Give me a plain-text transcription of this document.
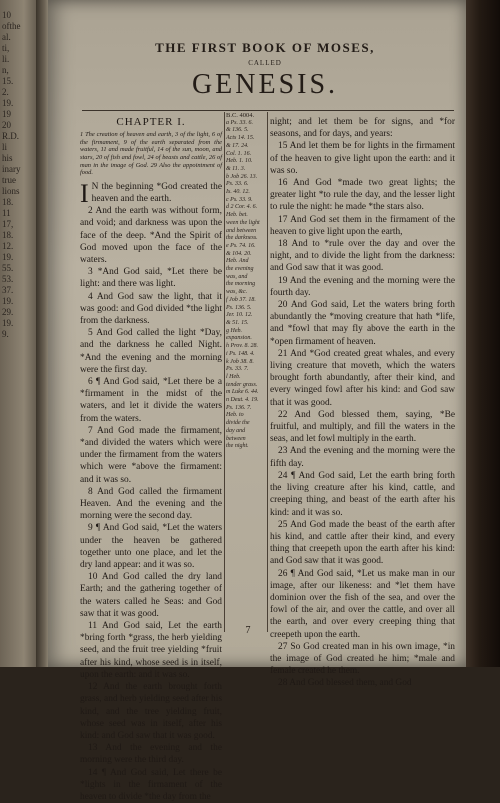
10
ofthe
al.
ti,
li.
n,
15.
2.
19.
19
20
R.D.
li
his
inary
true
lions
18.
11
17,
18.
12.
19.
55.
53.
37.
19.
29.
19.
9.
THE FIRST BOOK OF MOSES,
CALLED
GENESIS.
CHAPTER I.
1 The creation of heaven and earth, 3 of the light, 6 of the firmament, 9 of the earth separated from the waters, 11 and made fruitful, 14 of the sun, moon, and stars, 20 of fish and fowl, 24 of beasts and cattle, 26 of man in the image of God. 29 Also the appointment of food.
I N the beginning *God created the heaven and the earth.

2 And the earth was without form, and void; and darkness was upon the face of the deep. *And the Spirit of God moved upon the face of the waters.

3 *And God said, *Let there be light: and there was light.

4 And God saw the light, that it was good: and God divided *the light from the darkness.

5 And God called the light *Day, and the darkness he called Night. *And the evening and the morning were the first day.

6 ¶ And God said, *Let there be a *firmament in the midst of the waters, and let it divide the waters from the waters.

7 And God made the firmament, *and divided the waters which were under the firmament from the waters which were *above the firmament: and it was so.

8 And God called the firmament Heaven. And the evening and the morning were the second day.

9 ¶ And God said, *Let the waters under the heaven be gathered together unto one place, and let the dry land appear: and it was so.

10 And God called the dry land Earth; and the gathering together of the waters called he Seas: and God saw that it was good.

11 And God said, Let the earth *bring forth *grass, the herb yielding seed, and the fruit tree yielding *fruit after his kind, whose seed is in itself, upon the earth: and it was so.

12 And the earth brought forth grass, and herb yielding seed after his kind, and the tree yielding fruit, whose seed was in itself, after his kind: and God saw that it was good.

13 And the evening and the morning were the third day.

14 ¶ And God said, Let there be *lights in the firmament of the heaven to divide *the day from the

B.C. 4004.
a Ps. 33. 6.
& 136. 5.
Acts 14. 15.
& 17. 24.
Col. 1. 16.
Heb. 1. 10.
& 11. 3.
b Job 26. 13.
Ps. 33. 6.
Is. 40. 12.
c Ps. 33. 9.
d 2 Cor. 4. 6.
Heb. bet.
ween the light
and between
the darkness.
e Ps. 74. 16.
& 104. 20.
Heb. And
the evening
was, and
the morning
was, &c.
f Job 37. 18.
Ps. 136. 5.
Jer. 10. 12.
& 51. 15.
g Heb.
expansion.
h Prov. 8. 28.
i Ps. 148. 4.
k Job 38. 8.
Ps. 33. 7.
l Heb.
tender grass.
m Luke 6. 44.
n Deut. 4. 19.
Ps. 136. 7.
Heb. to
divide the
day and
between
the night.

night; and let them be for signs, and *for seasons, and for days, and years:

15 And let them be for lights in the firmament of the heaven to give light upon the earth: and it was so.

16 And God *made two great lights; the greater light *to rule the day, and the lesser light to rule the night: he made *the stars also.

17 And God set them in the firmament of the heaven to give light upon the earth,

18 And to *rule over the day and over the night, and to divide the light from the darkness: and God saw that it was good.

19 And the evening and the morning were the fourth day.

20 And God said, Let the waters bring forth abundantly the *moving creature that hath *life, and *fowl that may fly above the earth in the *open firmament of heaven.

21 And *God created great whales, and every living creature that moveth, which the waters brought forth abundantly, after their kind, and every winged fowl after his kind: and God saw that it was good.

22 And God blessed them, saying, *Be fruitful, and multiply, and fill the waters in the seas, and let fowl multiply in the earth.

23 And the evening and the morning were the fifth day.

24 ¶ And God said, Let the earth bring forth the living creature after his kind, cattle, and creeping thing, and beast of the earth after his kind: and it was so.

25 And God made the beast of the earth after his kind, and cattle after their kind, and every thing that creepeth upon the earth after his kind: and God saw that it was good.

26 ¶ And God said, *Let us make man in our image, after our likeness: and *let them have dominion over the fish of the sea, and over the fowl of the air, and over the cattle, and over all the earth, and over every creeping thing that creepeth upon the earth.

27 So God created man in his own image, *in the image of God created he him; *male and female created he them.

28 And God blessed them, and God

7
